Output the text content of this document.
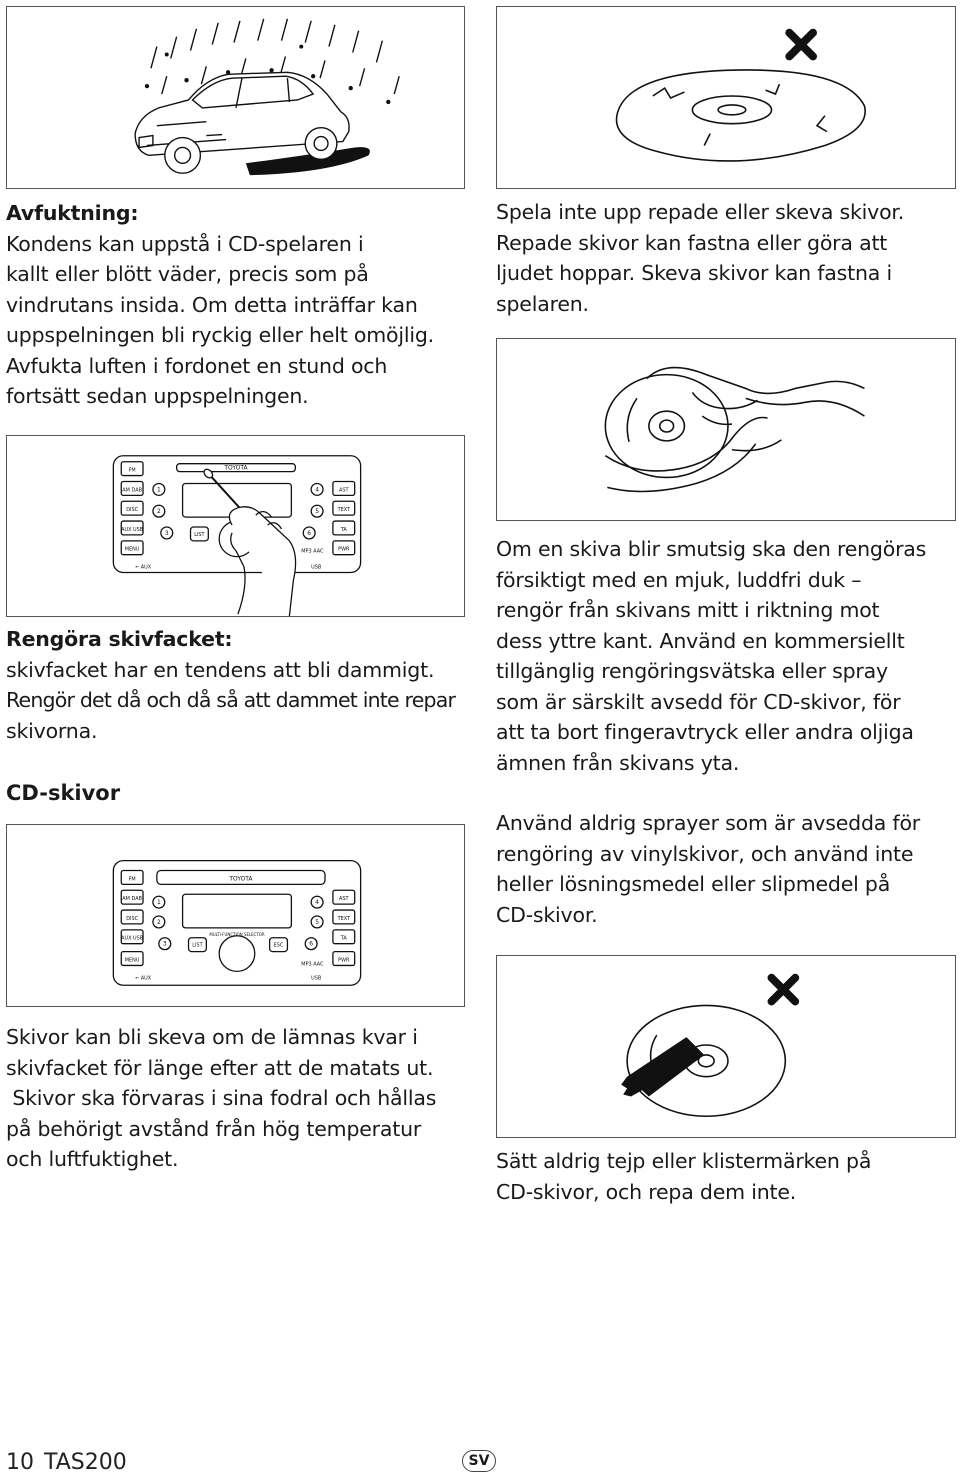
TOYOTA
FM
AM DAB
DISC
AUX USB
MENU
AST
TEXT
TA
PWR
1
2
3
4
5
6
LIST
← AUX	USB
MP3 AAC
TOYOTA
MULTI-FUNCTION SELECTOR
FM
AM DAB
DISC
AUX USB
MENU
AST
TEXT
TA
PWR
1
2
3
4
5
6
LIST	ESC
← AUX	USB
MP3 AAC
Avfuktning:
Kondens kan uppstå i CD-spelaren i
kallt eller blött väder, precis som på
vindrutans insida. Om detta inträffar kan
uppspelningen bli ryckig eller helt omöjlig.
Avfukta luften i fordonet en stund och
fortsätt sedan uppspelningen.
Spela inte upp repade eller skeva skivor.
Repade skivor kan fastna eller göra att
ljudet hoppar. Skeva skivor kan fastna i
spelaren.
Rengöra skivfacket:
skivfacket har en tendens att bli dammigt.
Rengör det då och då så att dammet inte repar
skivorna.
CD-skivor
Om en skiva blir smutsig ska den rengöras
försiktigt med en mjuk, luddfri duk –
rengör från skivans mitt i riktning mot
dess yttre kant. Använd en kommersiellt
tillgänglig rengöringsvätska eller spray
som är särskilt avsedd för CD-skivor, för
att ta bort fingeravtryck eller andra oljiga
ämnen från skivans yta.
Använd aldrig sprayer som är avsedda för
rengöring av vinylskivor, och använd inte
heller lösningsmedel eller slipmedel på
CD-skivor.
Skivor kan bli skeva om de lämnas kvar i
skivfacket för länge efter att de matats ut.
Skivor ska förvaras i sina fodral och hållas
på behörigt avstånd från hög temperatur
och luftfuktighet.	Sätt aldrig tejp eller klistermärken på
CD-skivor, och repa dem inte.
10 TAS200	SV
